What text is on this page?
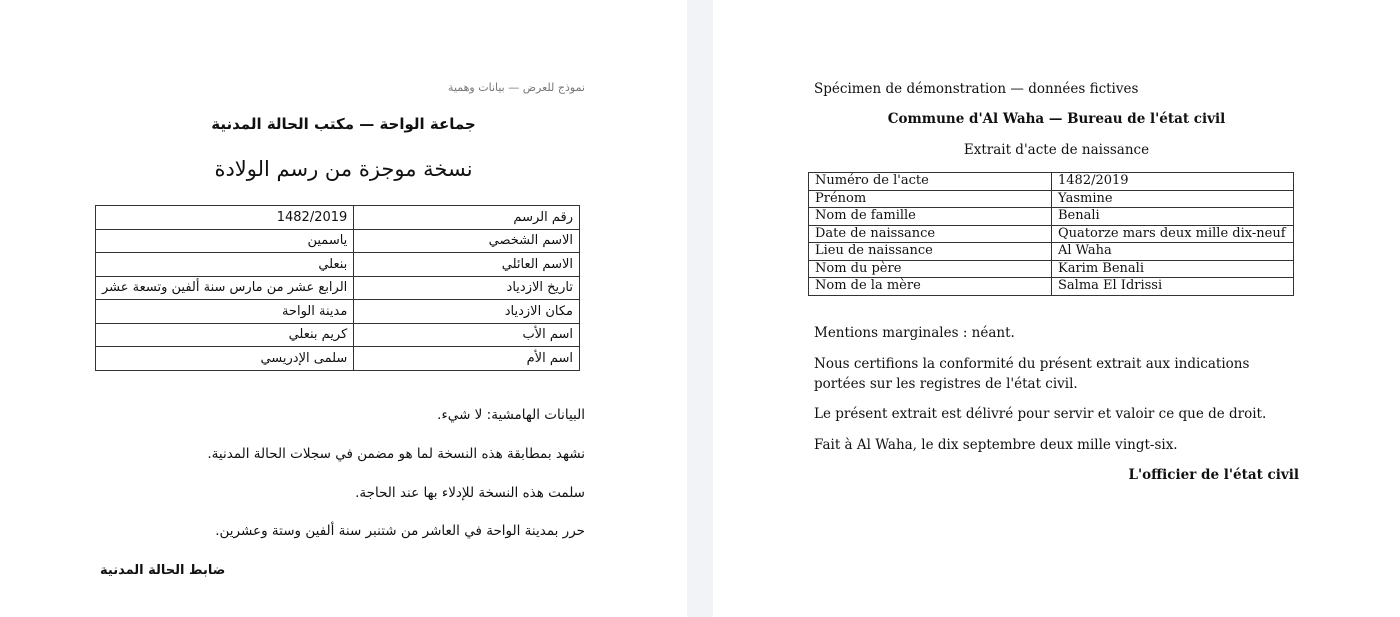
نموذج للعرض — بيانات وهمية
جماعة الواحة — مكتب الحالة المدنية
نسخة موجزة من رسم الولادة
رقم الرسم	1482/2019
الاسم الشخصي	ياسمين
الاسم العائلي	بنعلي
تاريخ الازدياد	الرابع عشر من مارس سنة ألفين وتسعة عشر
مكان الازدياد	مدينة الواحة
اسم الأب	كريم بنعلي
اسم الأم	سلمى الإدريسي
البيانات الهامشية: لا شيء.
نشهد بمطابقة هذه النسخة لما هو مضمن في سجلات الحالة المدنية.
سلمت هذه النسخة للإدلاء بها عند الحاجة.
حرر بمدينة الواحة في العاشر من شتنبر سنة ألفين وستة وعشرين.
ضابط الحالة المدنية
Spécimen de démonstration — données fictives
Commune d'Al Waha — Bureau de l'état civil
Extrait d'acte de naissance
Numéro de l'acte	1482/2019
Prénom	Yasmine
Nom de famille	Benali
Date de naissance	Quatorze mars deux mille dix-neuf
Lieu de naissance	Al Waha
Nom du père	Karim Benali
Nom de la mère	Salma El Idrissi
Mentions marginales : néant.
Nous certifions la conformité du présent extrait aux indications portées sur les registres de l'état civil.
Le présent extrait est délivré pour servir et valoir ce que de droit.
Fait à Al Waha, le dix septembre deux mille vingt-six.
L'officier de l'état civil
